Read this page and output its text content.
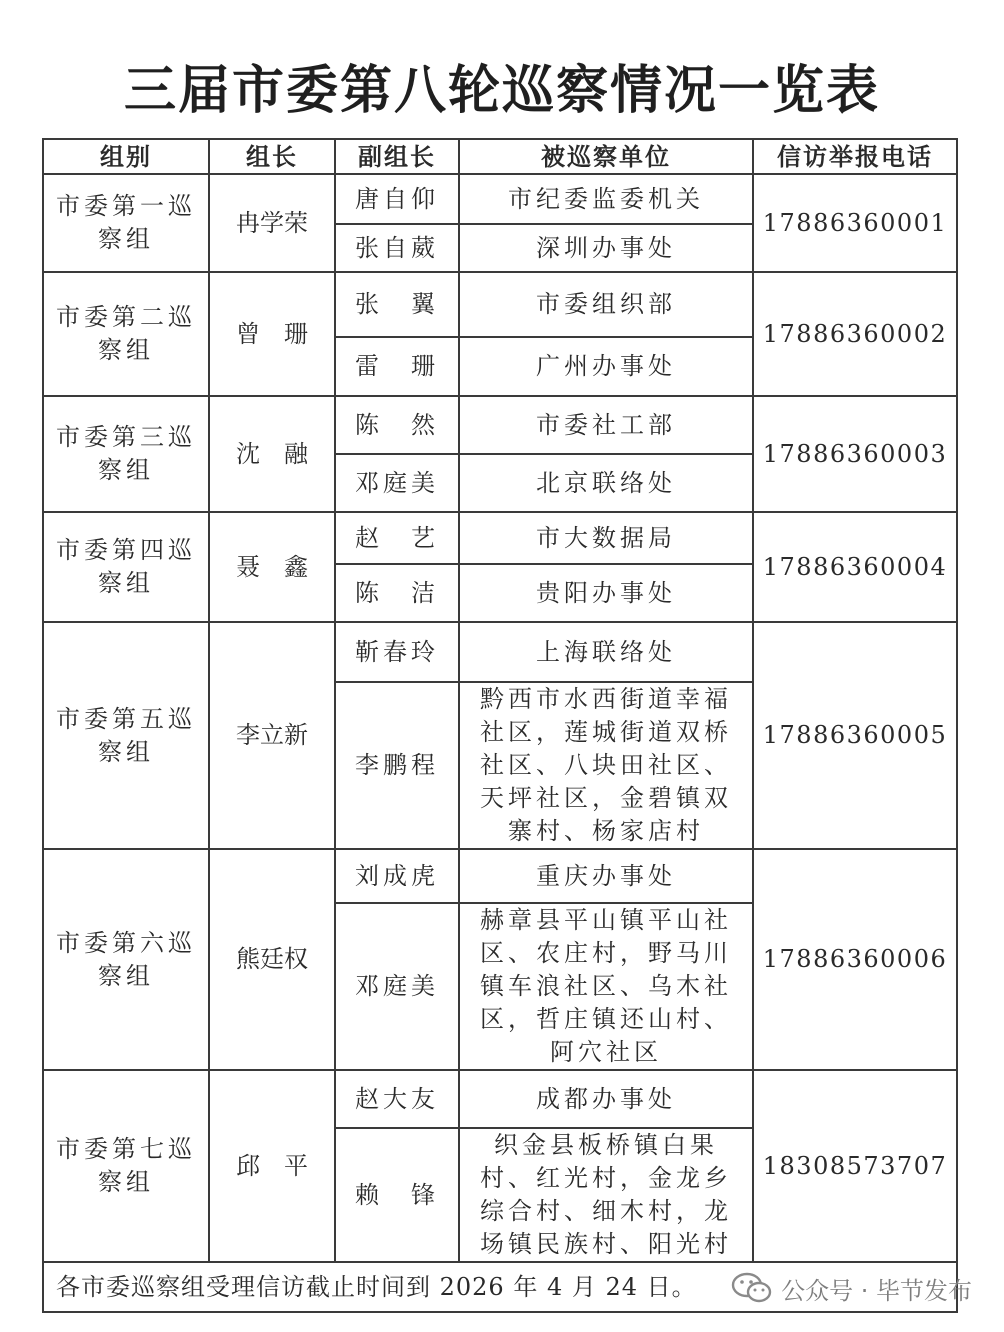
三届市委第八轮巡察情况一览表
组别	组长	副组长	被巡察单位	信访举报电话
市委第一巡察组	冉学荣	唐自仰	市纪委监委机关	17886360001
		张自葳	深圳办事处	
市委第二巡察组	曾　珊	张　翼	市委组织部	17886360002
		雷　珊	广州办事处	
市委第三巡察组	沈　融	陈　然	市委社工部	17886360003
		邓庭美	北京联络处	
市委第四巡察组	聂　鑫	赵　艺	市大数据局	17886360004
		陈　洁	贵阳办事处	
市委第五巡察组	李立新	靳春玲	上海联络处	17886360005
		李鹏程	黔西市水西街道幸福社区，莲城街道双桥社区、八块田社区、天坪社区，金碧镇双寨村、杨家店村	
市委第六巡察组	熊廷权	刘成虎	重庆办事处	17886360006
		邓庭美	赫章县平山镇平山社区、农庄村，野马川镇车浪社区、乌木社区，哲庄镇还山村、阿穴社区	
市委第七巡察组	邱　平	赵大友	成都办事处	18308573707
		赖　锋	织金县板桥镇白果村、红光村，金龙乡综合村、细木村，龙场镇民族村、阳光村	
各市委巡察组受理信访截止时间到 2026 年 4 月 24 日。					公众号 · 毕节发布
